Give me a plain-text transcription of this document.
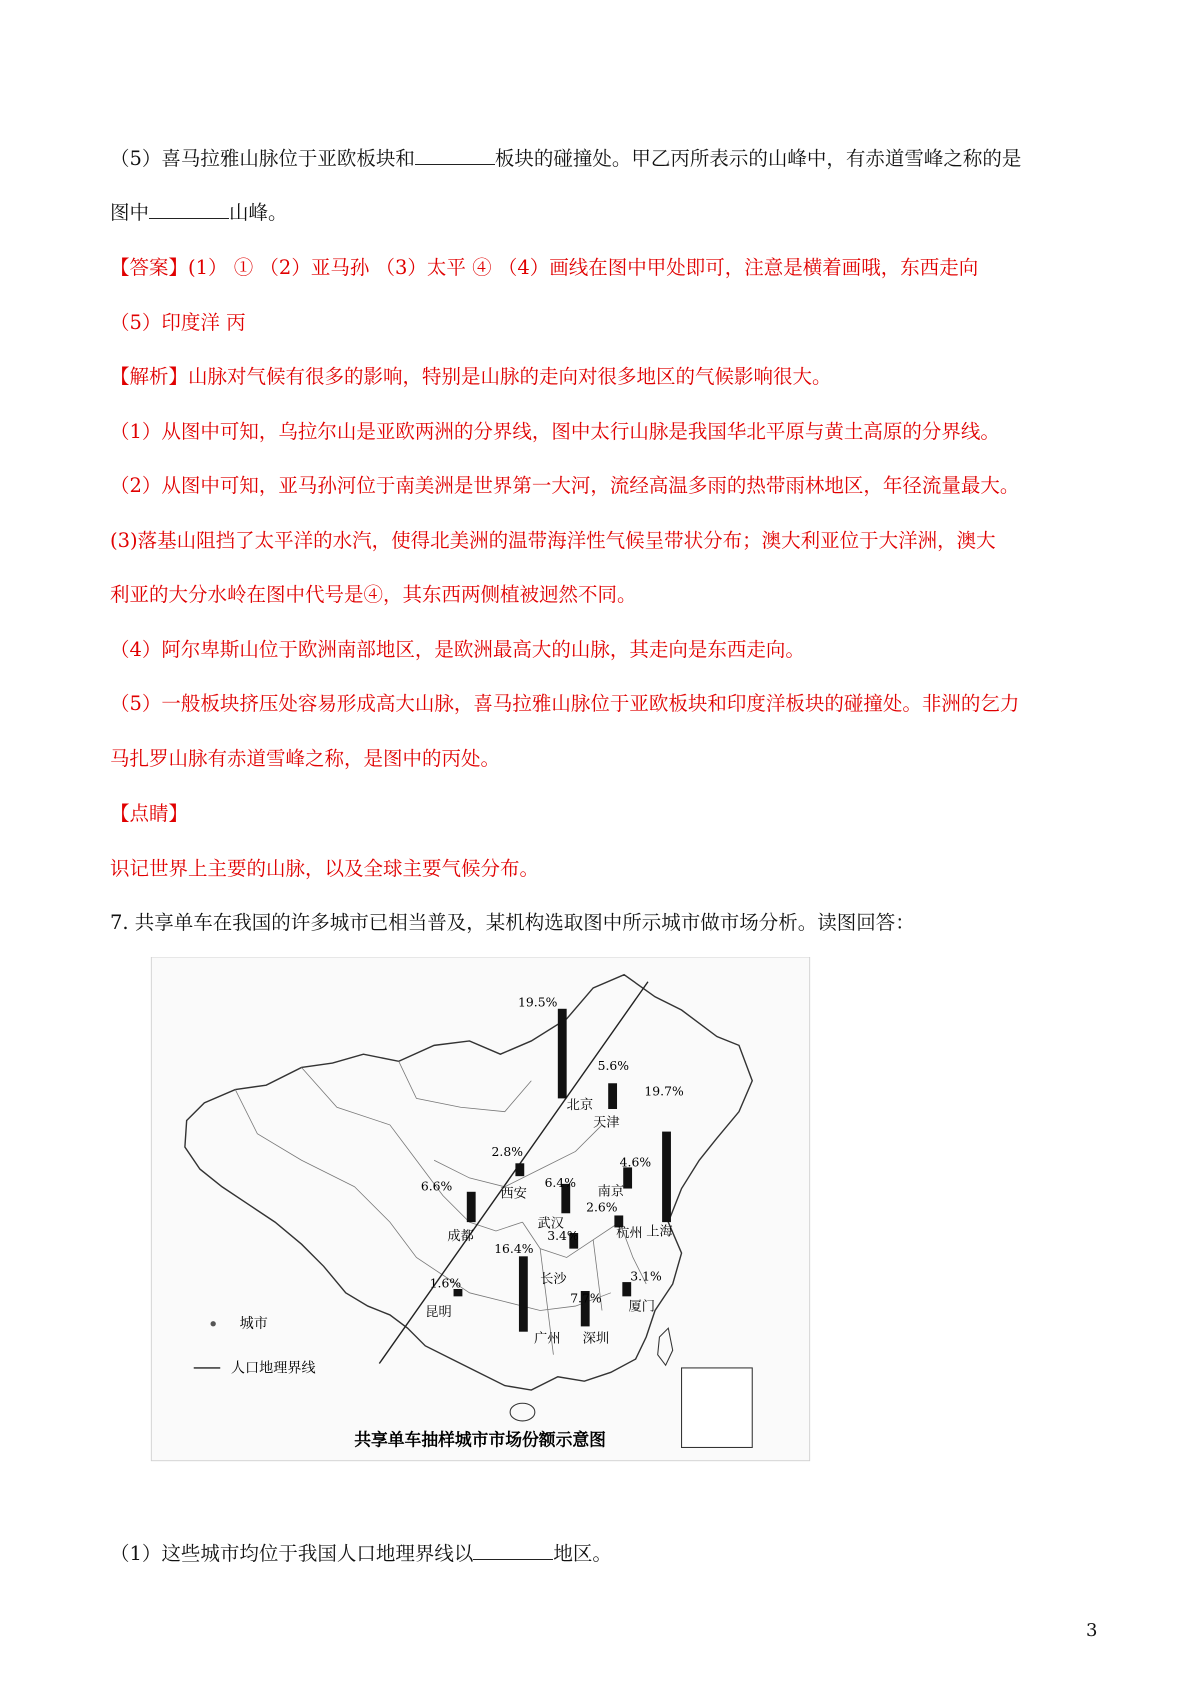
（5）喜马拉雅山脉位于亚欧板块和	板块的碰撞处。甲乙丙所表示的山峰中，有赤道雪峰之称的是
图中	山峰。
【答案】(1） ① （2）亚马孙 （3）太平 ④ （4）画线在图中甲处即可，注意是横着画哦，东西走向
（5）印度洋 丙
【解析】山脉对气候有很多的影响，特别是山脉的走向对很多地区的气候影响很大。
（1）从图中可知，乌拉尔山是亚欧两洲的分界线，图中太行山脉是我国华北平原与黄土高原的分界线。
（2）从图中可知，亚马孙河位于南美洲是世界第一大河，流经高温多雨的热带雨林地区，年径流量最大。
(3)落基山阻挡了太平洋的水汽，使得北美洲的温带海洋性气候呈带状分布；澳大利亚位于大洋洲，澳大
利亚的大分水岭在图中代号是④，其东西两侧植被迥然不同。
（4）阿尔卑斯山位于欧洲南部地区，是欧洲最高大的山脉，其走向是东西走向。
（5）一般板块挤压处容易形成高大山脉，喜马拉雅山脉位于亚欧板块和印度洋板块的碰撞处。非洲的乞力
马扎罗山脉有赤道雪峰之称，是图中的丙处。
【点睛】
识记世界上主要的山脉，以及全球主要气候分布。
7. 共享单车在我国的许多城市已相当普及，某机构选取图中所示城市做市场分析。读图回答：
城市
人口地理界线
19.5%
北京
5.6%
天津
19.7%
上海
2.8%
西安
4.6%
南京
6.6%
成都
6.4%
武汉
2.6%
杭州
3.4%
长沙
16.4%
广州
7.7%
深圳
3.1%
厦门
1.6%
昆明
共享单车抽样城市市场份额示意图
（1）这些城市均位于我国人口地理界线以	地区。
3
